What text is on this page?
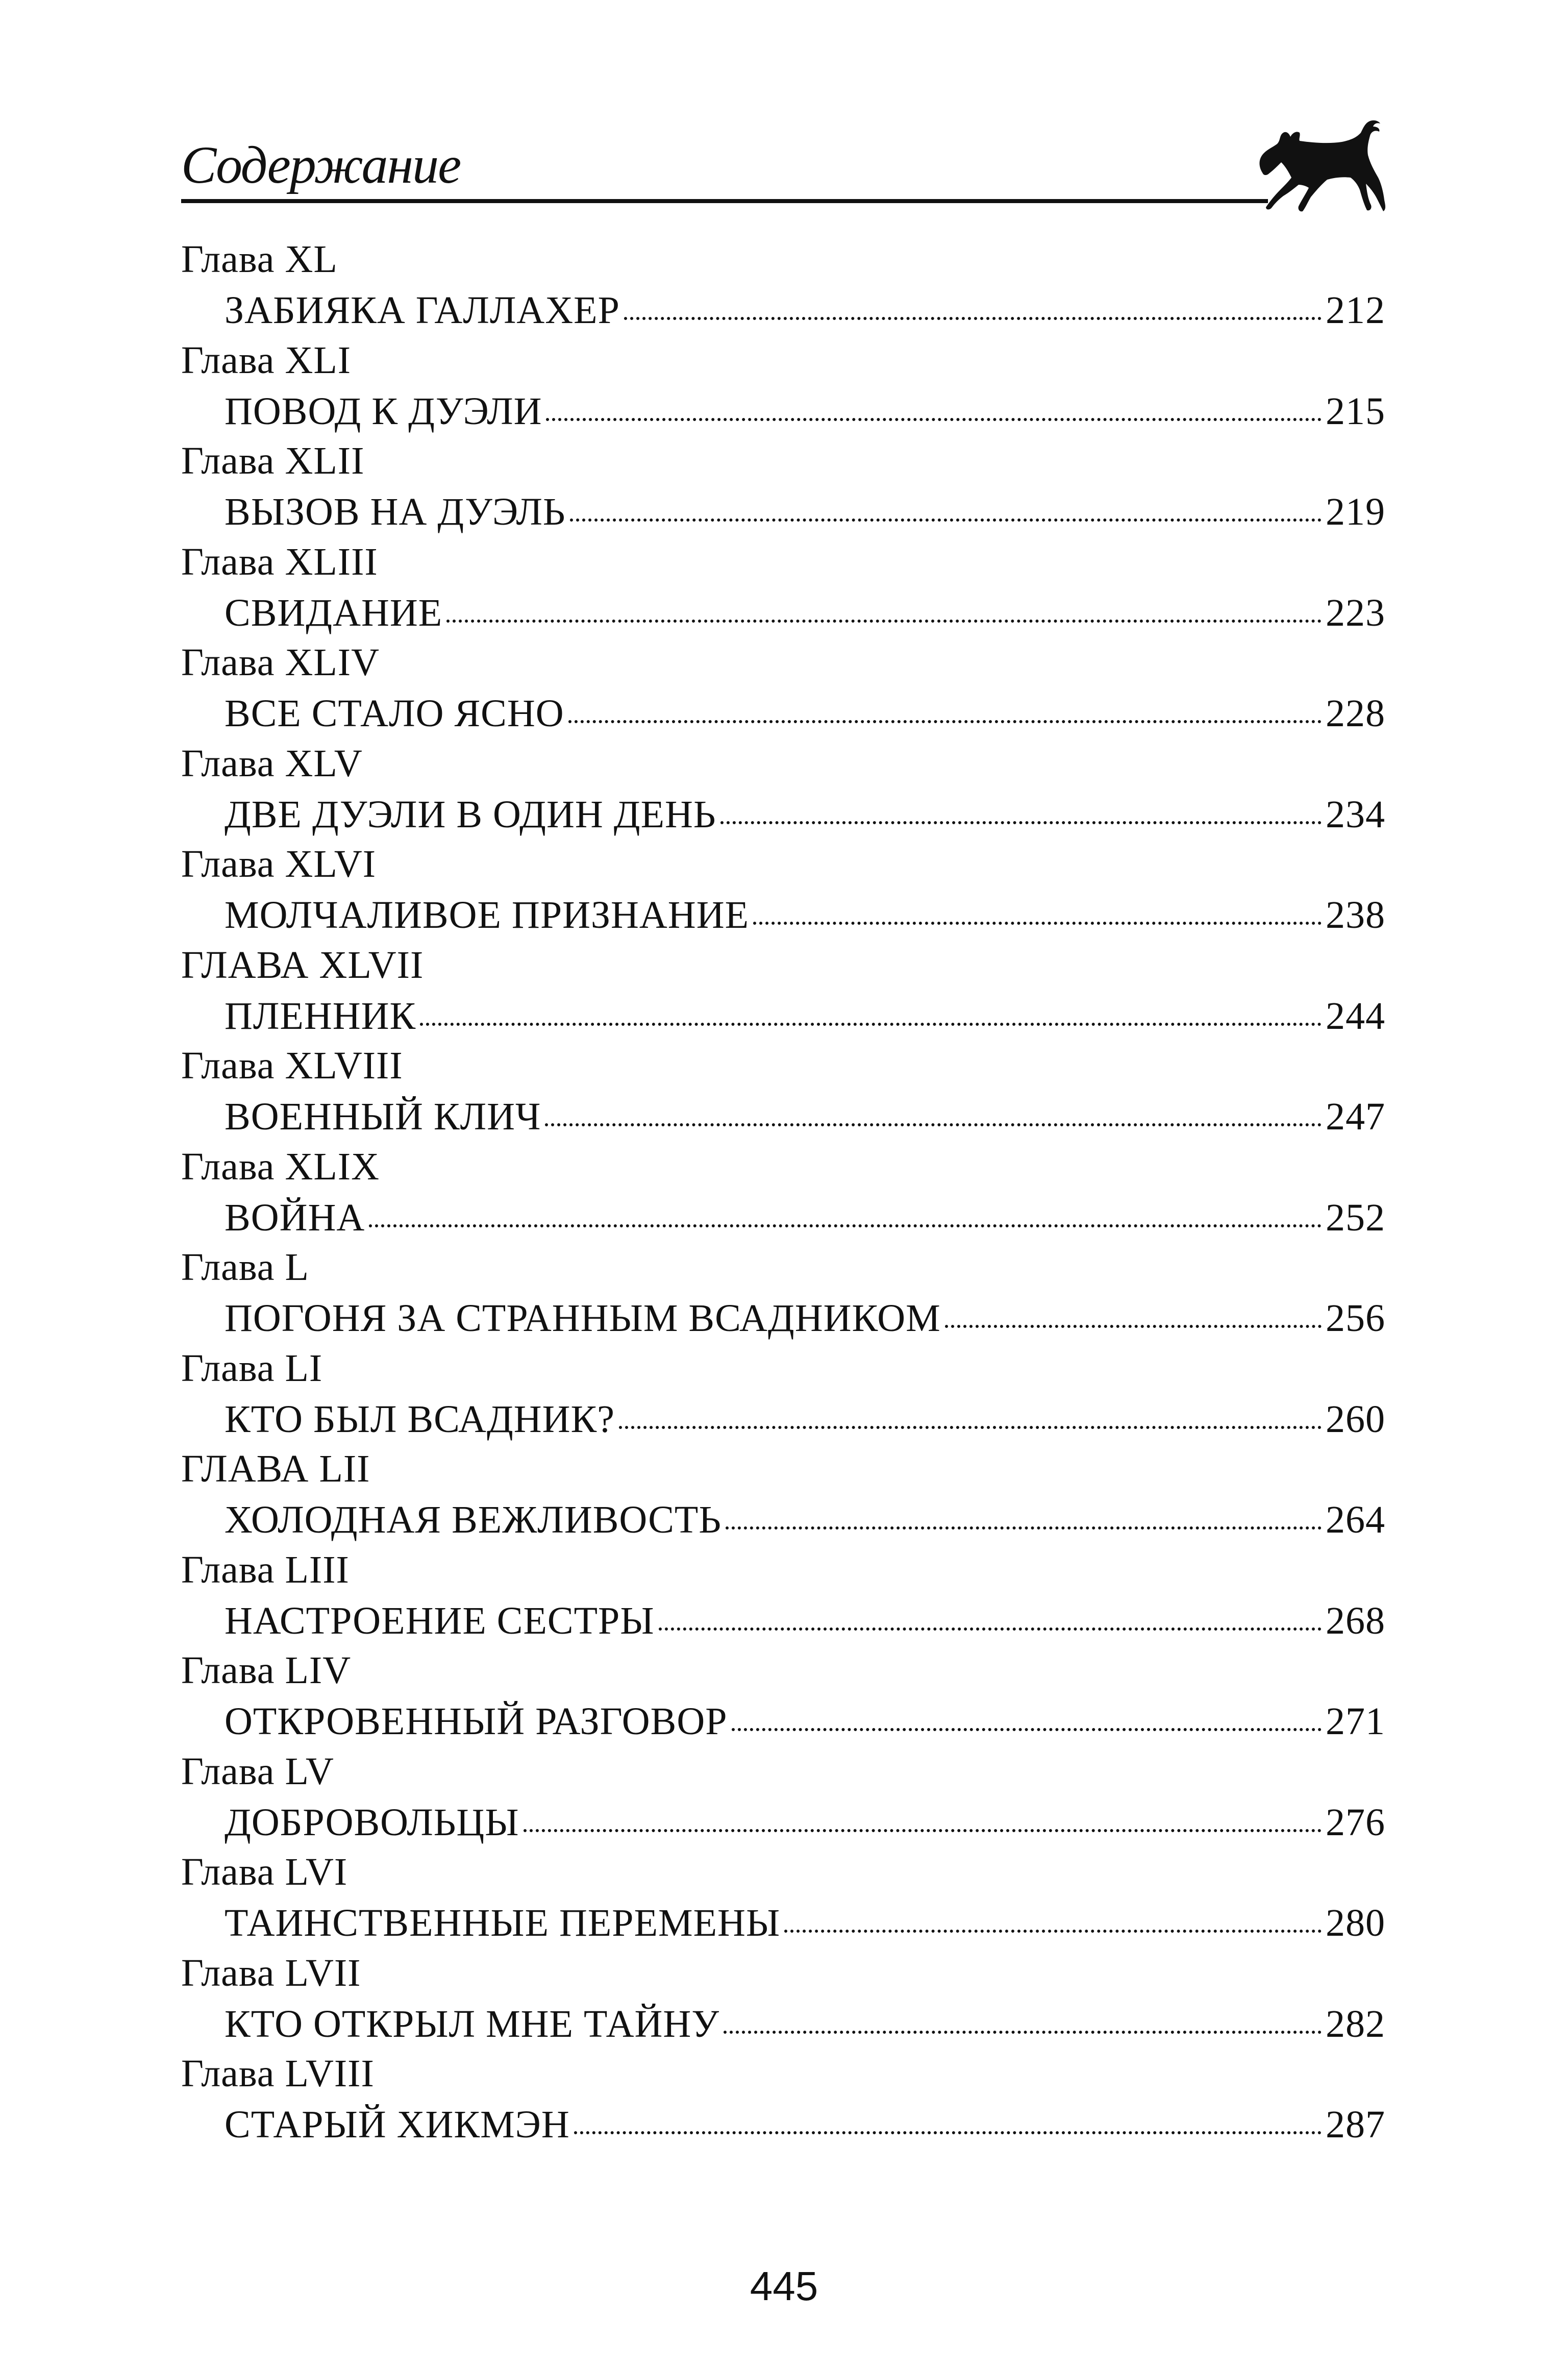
Содержание
Глава XL
ЗАБИЯКА ГАЛЛАХЕР	212
Глава XLI
ПОВОД К ДУЭЛИ	215
Глава XLII
ВЫЗОВ НА ДУЭЛЬ	219
Глава XLIII
СВИДАНИЕ	223
Глава XLIV
ВСЕ СТАЛО ЯСНО	228
Глава XLV
ДВЕ ДУЭЛИ В ОДИН ДЕНЬ	234
Глава XLVI
МОЛЧАЛИВОЕ ПРИЗНАНИЕ	238
ГЛАВА XLVII
ПЛЕННИК	244
Глава XLVIII
ВОЕННЫЙ КЛИЧ	247
Глава XLIX
ВОЙНА	252
Глава L
ПОГОНЯ ЗА СТРАННЫМ ВСАДНИКОМ	256
Глава LI
КТО БЫЛ ВСАДНИК?	260
ГЛАВА LII
ХОЛОДНАЯ ВЕЖЛИВОСТЬ	264
Глава LIII
НАСТРОЕНИЕ СЕСТРЫ	268
Глава LIV
ОТКРОВЕННЫЙ РАЗГОВОР	271
Глава LV
ДОБРОВОЛЬЦЫ	276
Глава LVI
ТАИНСТВЕННЫЕ ПЕРЕМЕНЫ	280
Глава LVII
КТО ОТКРЫЛ МНЕ ТАЙНУ	282
Глава LVIII
СТАРЫЙ ХИКМЭН	287
445
